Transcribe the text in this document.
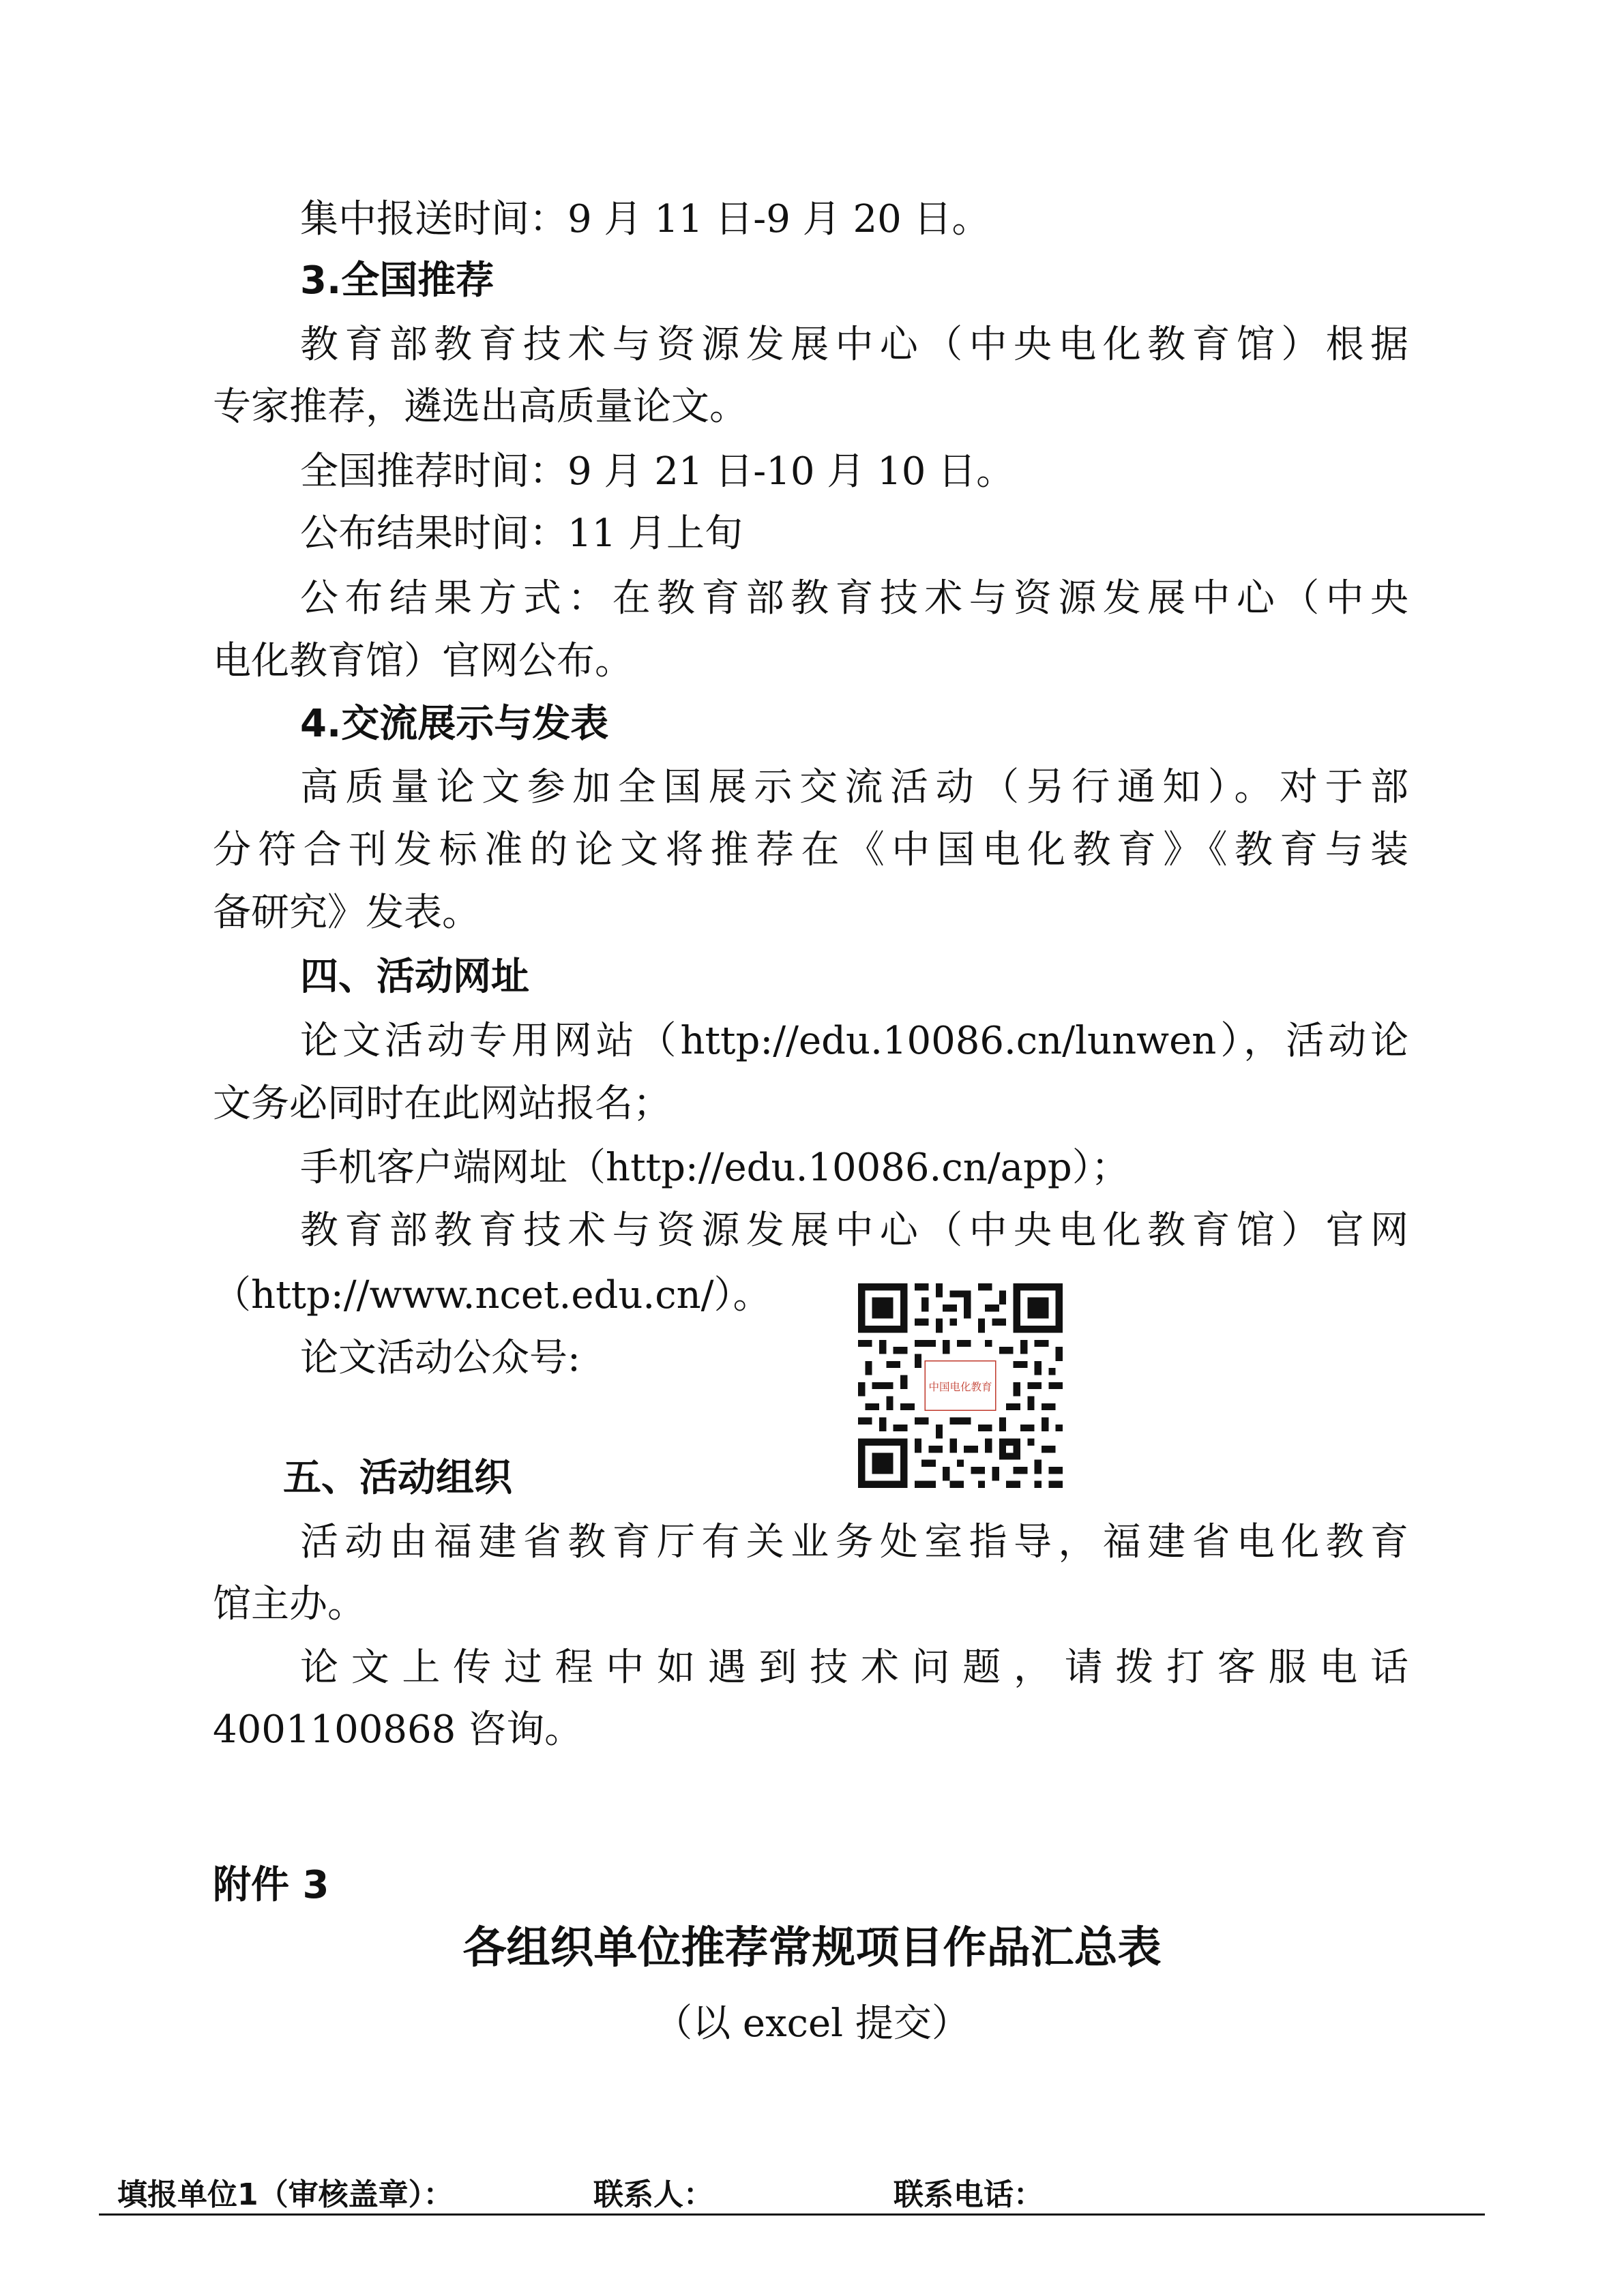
集中报送时间：9 月 11 日-9 月 20 日。
3.全国推荐
教育部教育技术与资源发展中心（中央电化教育馆）根据
专家推荐，遴选出高质量论文。
全国推荐时间：9 月 21 日-10 月 10 日。
公布结果时间：11 月上旬
公布结果方式：在教育部教育技术与资源发展中心（中央
电化教育馆）官网公布。
4.交流展示与发表
高质量论文参加全国展示交流活动（另行通知）。对于部
分符合刊发标准的论文将推荐在《中国电化教育》《教育与装
备研究》发表。
四、活动网址
论文活动专用网站（http://edu.10086.cn/lunwen），活动论
文务必同时在此网站报名；
手机客户端网址（http://edu.10086.cn/app）；
教育部教育技术与资源发展中心（中央电化教育馆）官网
（http://www.ncet.edu.cn/）。
论文活动公众号:
中国电化教育
五、活动组织
活动由福建省教育厅有关业务处室指导，福建省电化教育
馆主办。
论文上传过程中如遇到技术问题，请拨打客服电话
4001100868 咨询。
附件 3
各组织单位推荐常规项目作品汇总表
（以 excel 提交）
填报单位1（审核盖章）：	联系人：	联系电话：
